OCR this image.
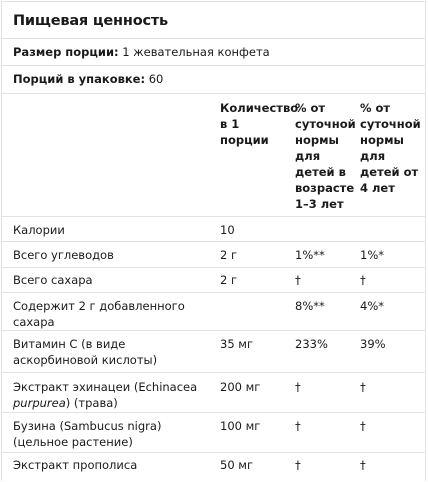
Пищевая ценность
Размер порции: 1 жевательная конфета
Порций в упаковке: 60
	Количество в 1 порции	% от суточной нормы для детей в возрасте 1–3 лет	% от суточной нормы для детей от 4 лет
Калории	10		
Всего углеводов	2 г	1%**	1%*
Всего сахара	2 г	†	†
Содержит 2 г добавленного сахара		8%**	4%*
Витамин C (в виде аскорбиновой кислоты)	35 мг	233%	39%
Экстракт эхинацеи (Echinacea purpurea) (трава)	200 мг	†	†
Бузина (Sambucus nigra) (цельное растение)	100 мг	†	†
Экстракт прополиса	50 мг	†	†
